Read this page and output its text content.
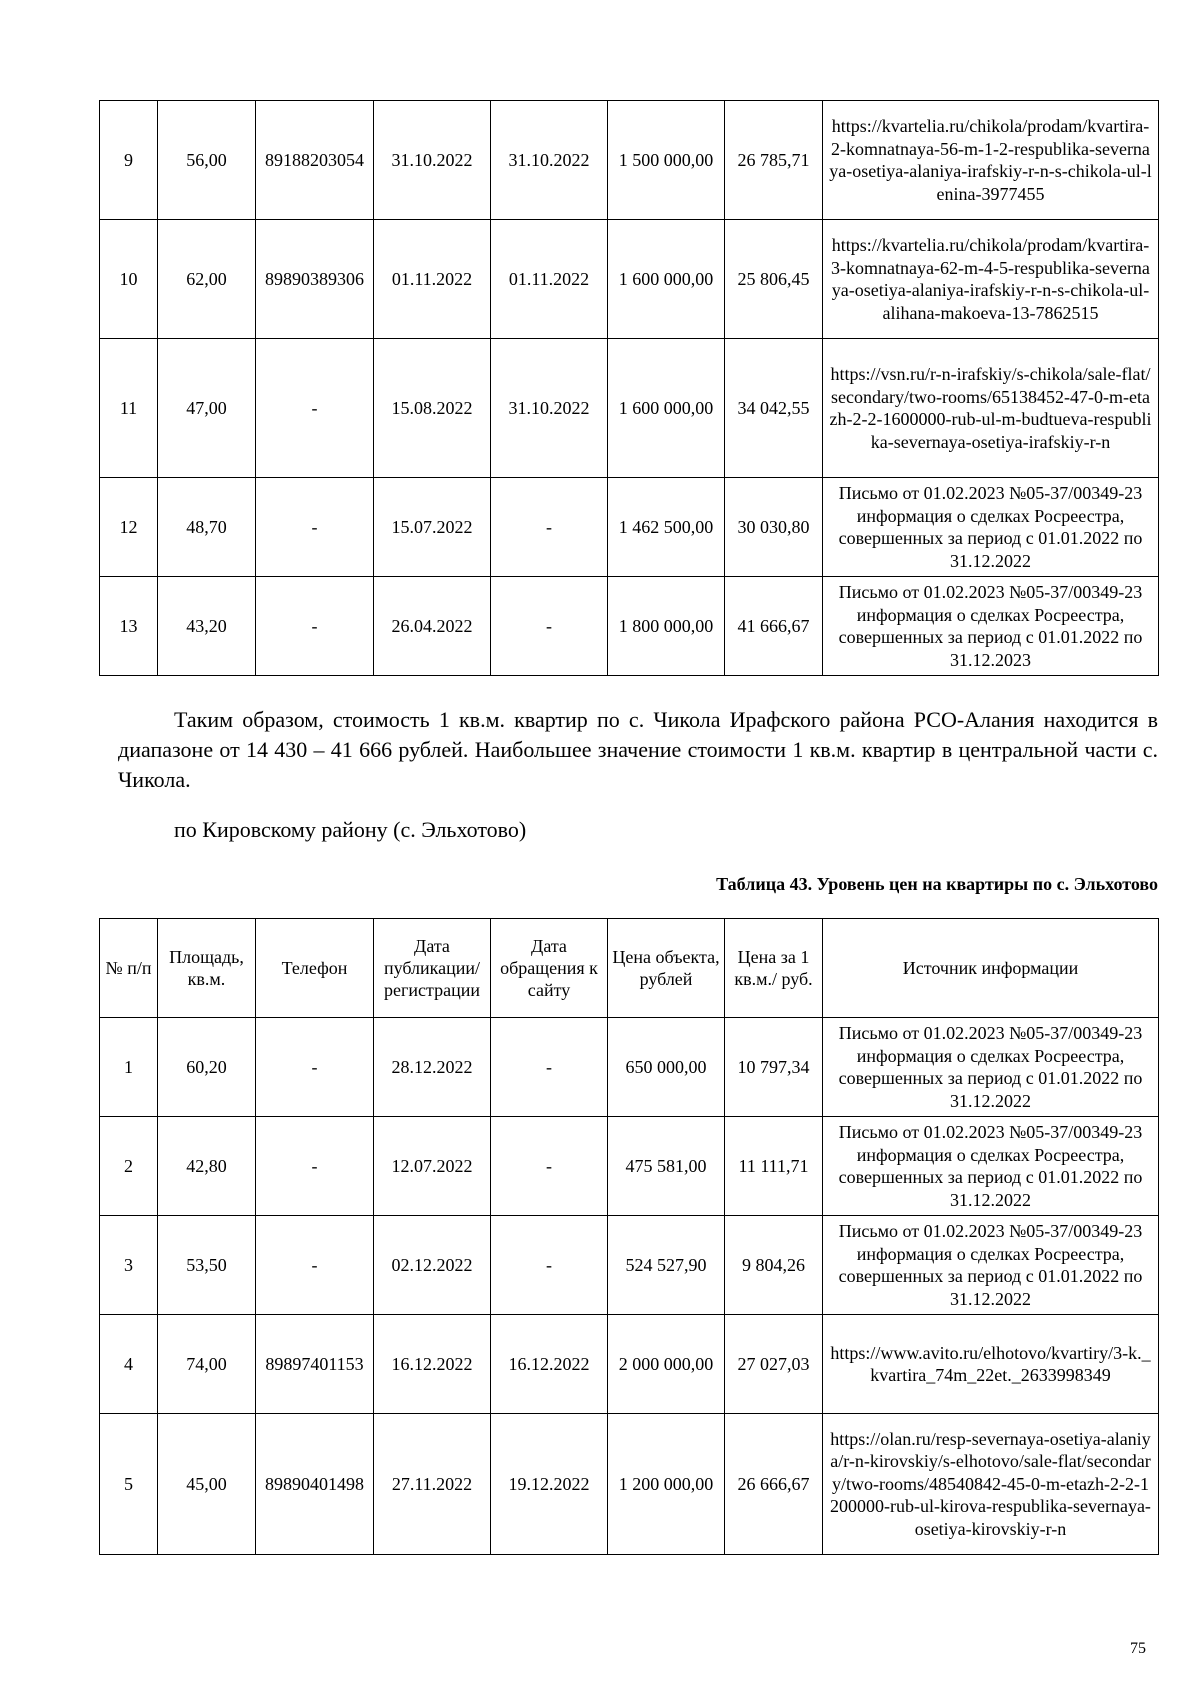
9	56,00	89188203054	31.10.2022	31.10.2022	1 500 000,00	26 785,71	https://kvartelia.ru/chikola/prodam/kvartira-2-komnatnaya-56-m-1-2-respublika-severnaya-osetiya-alaniya-irafskiy-r-n-s-chikola-ul-lenina-3977455
10	62,00	89890389306	01.11.2022	01.11.2022	1 600 000,00	25 806,45	https://kvartelia.ru/chikola/prodam/kvartira-3-komnatnaya-62-m-4-5-respublika-severnaya-osetiya-alaniya-irafskiy-r-n-s-chikola-ul-alihana-makoeva-13-7862515
11	47,00	-	15.08.2022	31.10.2022	1 600 000,00	34 042,55	https://vsn.ru/r-n-irafskiy/s-chikola/sale-flat/secondary/two-rooms/65138452-47-0-m-etazh-2-2-1600000-rub-ul-m-budtueva-respublika-severnaya-osetiya-irafskiy-r-n
12	48,70	-	15.07.2022	-	1 462 500,00	30 030,80	Письмо от 01.02.2023 №05-37/00349-23 информация о сделках Росреестра, совершенных за период с 01.01.2022 по 31.12.2022
13	43,20	-	26.04.2022	-	1 800 000,00	41 666,67	Письмо от 01.02.2023 №05-37/00349-23 информация о сделках Росреестра, совершенных за период с 01.01.2022 по 31.12.2023

Таким образом, стоимость 1 кв.м. квартир по с. Чикола Ирафского района РСО-Алания находится в диапазоне от 14 430 – 41 666 рублей. Наибольшее значение стоимости 1 кв.м. квартир в центральной части с. Чикола.

по Кировскому району (с. Эльхотово)

Таблица 43. Уровень цен на квартиры по с. Эльхотово
№ п/п	Площадь, кв.м.	Телефон	Дата публикации/ регистрации	Дата обращения к сайту	Цена объекта, рублей	Цена за 1 кв.м./ руб.	Источник информации
1	60,20	-	28.12.2022	-	650 000,00	10 797,34	Письмо от 01.02.2023 №05-37/00349-23 информация о сделках Росреестра, совершенных за период с 01.01.2022 по 31.12.2022
2	42,80	-	12.07.2022	-	475 581,00	11 111,71	Письмо от 01.02.2023 №05-37/00349-23 информация о сделках Росреестра, совершенных за период с 01.01.2022 по 31.12.2022
3	53,50	-	02.12.2022	-	524 527,90	9 804,26	Письмо от 01.02.2023 №05-37/00349-23 информация о сделках Росреестра, совершенных за период с 01.01.2022 по 31.12.2022
4	74,00	89897401153	16.12.2022	16.12.2022	2 000 000,00	27 027,03	https://www.avito.ru/elhotovo/kvartiry/3-k._kvartira_74m_22et._2633998349
5	45,00	89890401498	27.11.2022	19.12.2022	1 200 000,00	26 666,67	https://olan.ru/resp-severnaya-osetiya-alaniya/r-n-kirovskiy/s-elhotovo/sale-flat/secondary/two-rooms/48540842-45-0-m-etazh-2-2-1200000-rub-ul-kirova-respublika-severnaya-osetiya-kirovskiy-r-n
75
